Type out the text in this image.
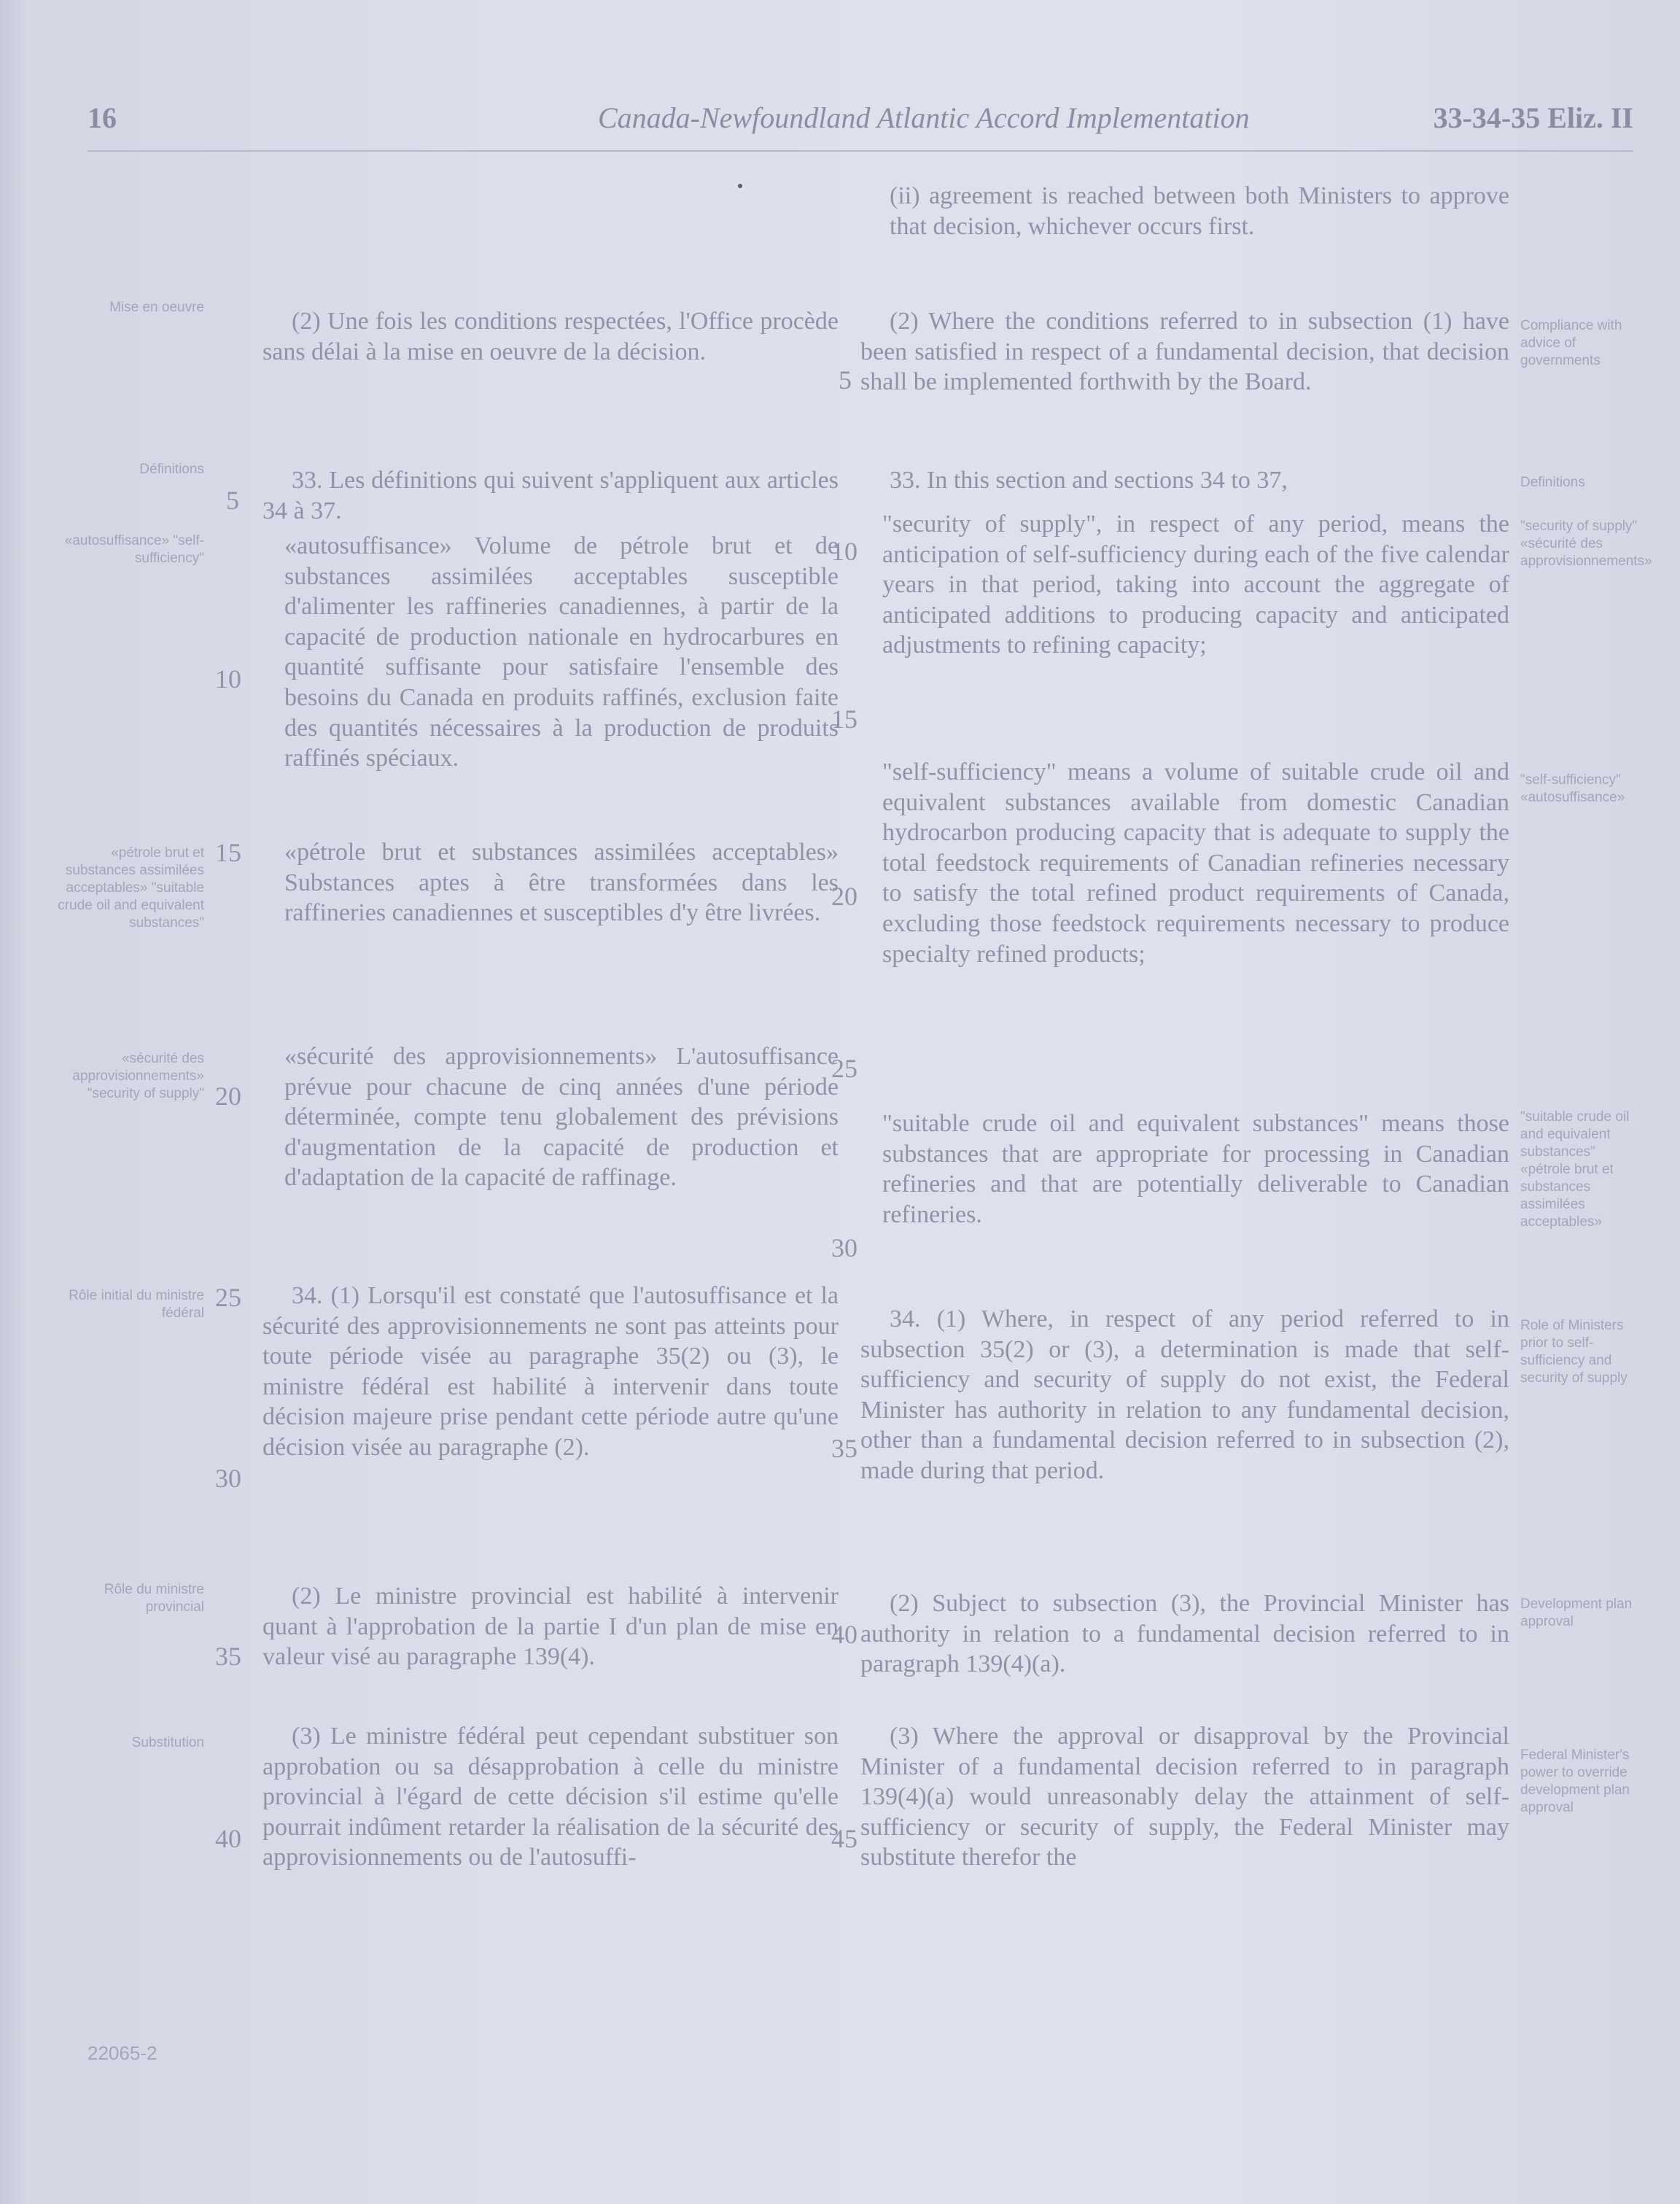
16	Canada-Newfoundland Atlantic Accord Implementation	33-34-35 Eliz. II

(ii) agreement is reached between both Ministers to approve that decision, whichever occurs first.

(2) Where the conditions referred to in subsection (1) have been satisfied in respect of a fundamental decision, that decision shall be implemented forthwith by the Board.

33. In this section and sections 34 to 37,

"security of supply", in respect of any period, means the anticipation of self-sufficiency during each of the five calendar years in that period, taking into account the aggregate of anticipated additions to producing capacity and anticipated adjustments to refining capacity;

"self-sufficiency" means a volume of suitable crude oil and equivalent substances available from domestic Canadian hydrocarbon producing capacity that is adequate to supply the total feedstock requirements of Canadian refineries necessary to satisfy the total refined product requirements of Canada, excluding those feedstock requirements necessary to produce specialty refined products;

"suitable crude oil and equivalent substances" means those substances that are appropriate for processing in Canadian refineries and that are potentially deliverable to Canadian refineries.

34. (1) Where, in respect of any period referred to in subsection 35(2) or (3), a determination is made that self-sufficiency and security of supply do not exist, the Federal Minister has authority in relation to any fundamental decision, other than a fundamental decision referred to in subsection (2), made during that period.

(2) Subject to subsection (3), the Provincial Minister has authority in relation to a fundamental decision referred to in paragraph 139(4)(a).

(3) Where the approval or disapproval by the Provincial Minister of a fundamental decision referred to in paragraph 139(4)(a) would unreasonably delay the attainment of self-sufficiency or security of supply, the Federal Minister may substitute therefor the

(2) Une fois les conditions respectées, l'Office procède sans délai à la mise en oeuvre de la décision.

33. Les définitions qui suivent s'appliquent aux articles 34 à 37.

«autosuffisance» Volume de pétrole brut et de substances assimilées acceptables susceptible d'alimenter les raffineries canadiennes, à partir de la capacité de production nationale en hydrocarbures en quantité suffisante pour satisfaire l'ensemble des besoins du Canada en produits raffinés, exclusion faite des quantités nécessaires à la production de produits raffinés spéciaux.

«pétrole brut et substances assimilées acceptables» Substances aptes à être transformées dans les raffineries canadiennes et susceptibles d'y être livrées.

«sécurité des approvisionnements» L'autosuffisance prévue pour chacune de cinq années d'une période déterminée, compte tenu globalement des prévisions d'augmentation de la capacité de production et d'adaptation de la capacité de raffinage.

34. (1) Lorsqu'il est constaté que l'autosuffisance et la sécurité des approvisionnements ne sont pas atteints pour toute période visée au paragraphe 35(2) ou (3), le ministre fédéral est habilité à intervenir dans toute décision majeure prise pendant cette période autre qu'une décision visée au paragraphe (2).

(2) Le ministre provincial est habilité à intervenir quant à l'approbation de la partie I d'un plan de mise en valeur visé au paragraphe 139(4).

(3) Le ministre fédéral peut cependant substituer son approbation ou sa désapprobation à celle du ministre provincial à l'égard de cette décision s'il estime qu'elle pourrait indûment retarder la réalisation de la sécurité des approvisionnements ou de l'autosuffi-

5
10
15
20
25
30
35
40
45
5
10
15
20
25
30
35
40
Compliance with advice of governments
Definitions
"security of supply" «sécurité des approvisionnements»
"self-sufficiency" «autosuffisance»
"suitable crude oil and equivalent substances" «pétrole brut et substances assimilées acceptables»
Role of Ministers prior to self-sufficiency and security of supply
Development plan approval
Federal Minister's power to override development plan approval
Mise en oeuvre
Définitions
«autosuffisance» "self-sufficiency"
«pétrole brut et substances assimilées acceptables» "suitable crude oil and equivalent substances"
«sécurité des approvisionnements» "security of supply"
Rôle initial du ministre fédéral
Rôle du ministre provincial
Substitution
22065-2
